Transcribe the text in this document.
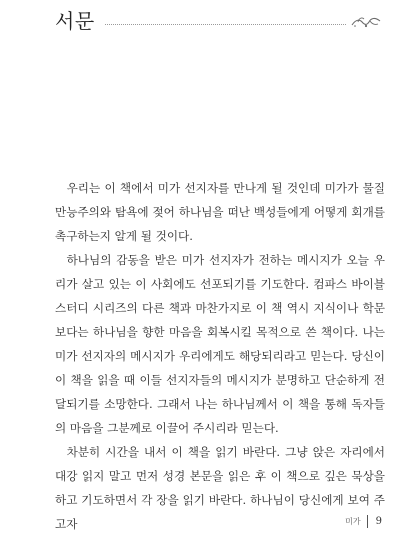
서문

우리는 이 책에서 미가 선지자를 만나게 될 것인데 미가가 물질만능주의와 탐욕에 젖어 하나님을 떠난 백성들에게 어떻게 회개를 촉구하는지 알게 될 것이다.

하나님의 감동을 받은 미가 선지자가 전하는 메시지가 오늘 우리가 살고 있는 이 사회에도 선포되기를 기도한다. 컴파스 바이블 스터디 시리즈의 다른 책과 마찬가지로 이 책 역시 지식이나 학문보다는 하나님을 향한 마음을 회복시킬 목적으로 쓴 책이다. 나는 미가 선지자의 메시지가 우리에게도 해당되리라고 믿는다. 당신이 이 책을 읽을 때 이들 선지자들의 메시지가 분명하고 단순하게 전달되기를 소망한다. 그래서 나는 하나님께서 이 책을 통해 독자들의 마음을 그분께로 이끌어 주시리라 믿는다.

차분히 시간을 내서 이 책을 읽기 바란다. 그냥 앉은 자리에서 대강 읽지 말고 먼저 성경 본문을 읽은 후 이 책으로 깊은 묵상을 하고 기도하면서 각 장을 읽기 바란다. 하나님이 당신에게 보여 주고자	미가 9
